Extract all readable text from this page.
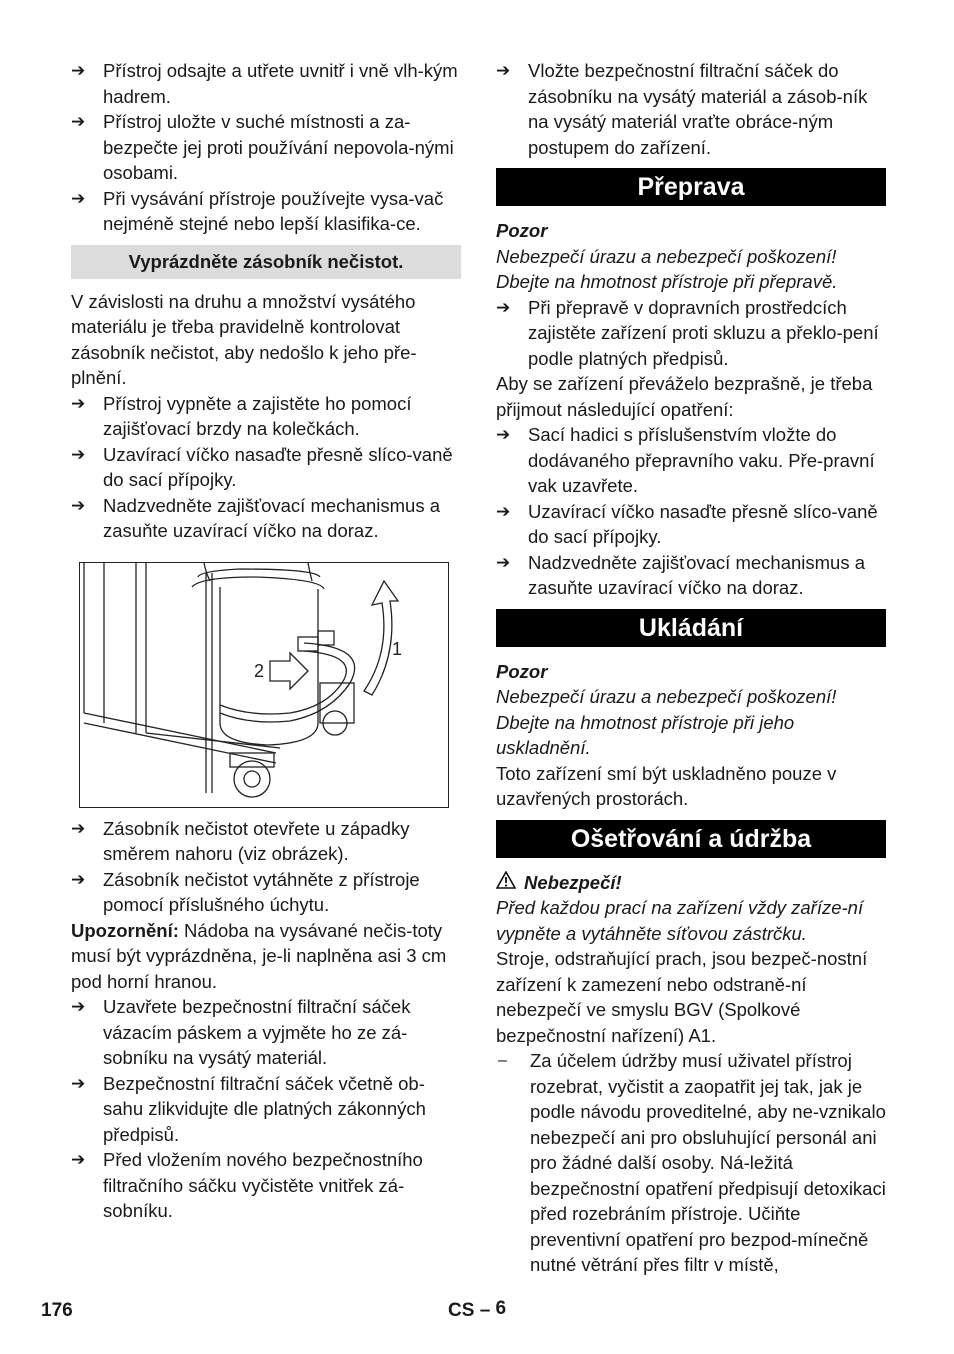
➔ Přístroj odsajte a utřete uvnitř i vně vlh-kým hadrem.
➔ Přístroj uložte v suché místnosti a za-bezpečte jej proti používání nepovola-nými osobami.
➔ Při vysávání přístroje používejte vysa-vač nejméně stejné nebo lepší klasifika-ce.
Vyprázdněte zásobník nečistot.

V závislosti na druhu a množství vysátého materiálu je třeba pravidelně kontrolovat zásobník nečistot, aby nedošlo k jeho pře-plnění.

➔ Přístroj vypněte a zajistěte ho pomocí zajišťovací brzdy na kolečkách.
➔ Uzavírací víčko nasaďte přesně slíco-vaně do sací přípojky.
➔ Nadzvedněte zajišťovací mechanismus a zasuňte uzavírací víčko na doraz.
1
2
➔ Zásobník nečistot otevřete u západky směrem nahoru (viz obrázek).
➔ Zásobník nečistot vytáhněte z přístroje pomocí příslušného úchytu.

Upozornění: Nádoba na vysávané nečis-toty musí být vyprázdněna, je-li naplněna asi 3 cm pod horní hranou.

➔ Uzavřete bezpečnostní filtrační sáček vázacím páskem a vyjměte ho ze zá-sobníku na vysátý materiál.
➔ Bezpečnostní filtrační sáček včetně ob-sahu zlikvidujte dle platných zákonných předpisů.
➔ Před vložením nového bezpečnostního filtračního sáčku vyčistěte vnitřek zá-sobníku.
➔ Vložte bezpečnostní filtrační sáček do zásobníku na vysátý materiál a zásob-ník na vysátý materiál vraťte obráce-ným postupem do zařízení.
Přeprava

Pozor

Nebezpečí úrazu a nebezpečí poškození! Dbejte na hmotnost přístroje při přepravě.

➔ Při přepravě v dopravních prostředcích zajistěte zařízení proti skluzu a překlo-pení podle platných předpisů.

Aby se zařízení převáželo bezprašně, je třeba přijmout následující opatření:

➔ Sací hadici s příslušenstvím vložte do dodávaného přepravního vaku. Pře-pravní vak uzavřete.
➔ Uzavírací víčko nasaďte přesně slíco-vaně do sací přípojky.
➔ Nadzvedněte zajišťovací mechanismus a zasuňte uzavírací víčko na doraz.
Ukládání

Pozor

Nebezpečí úrazu a nebezpečí poškození! Dbejte na hmotnost přístroje při jeho uskladnění.

Toto zařízení smí být uskladněno pouze v uzavřených prostorách.

Ošetřování a údržba
Nebezpečí!

Před každou prací na zařízení vždy zaříze-ní vypněte a vytáhněte síťovou zástrčku.

Stroje, odstraňující prach, jsou bezpeč-nostní zařízení k zamezení nebo odstraně-ní nebezpečí ve smyslu BGV (Spolkové bezpečnostní nařízení) A1.

–	Za účelem údržby musí uživatel přístroj rozebrat, vyčistit a zaopatřit jej tak, jak je podle návodu proveditelné, aby ne-vznikalo nebezpečí ani pro obsluhující personál ani pro žádné další osoby. Ná-ležitá bezpečnostní opatření předpisují detoxikaci před rozebráním přístroje. Učiňte preventivní opatření pro bezpod-mínečně nutné větrání přes filtr v místě,
176	CS – 6
